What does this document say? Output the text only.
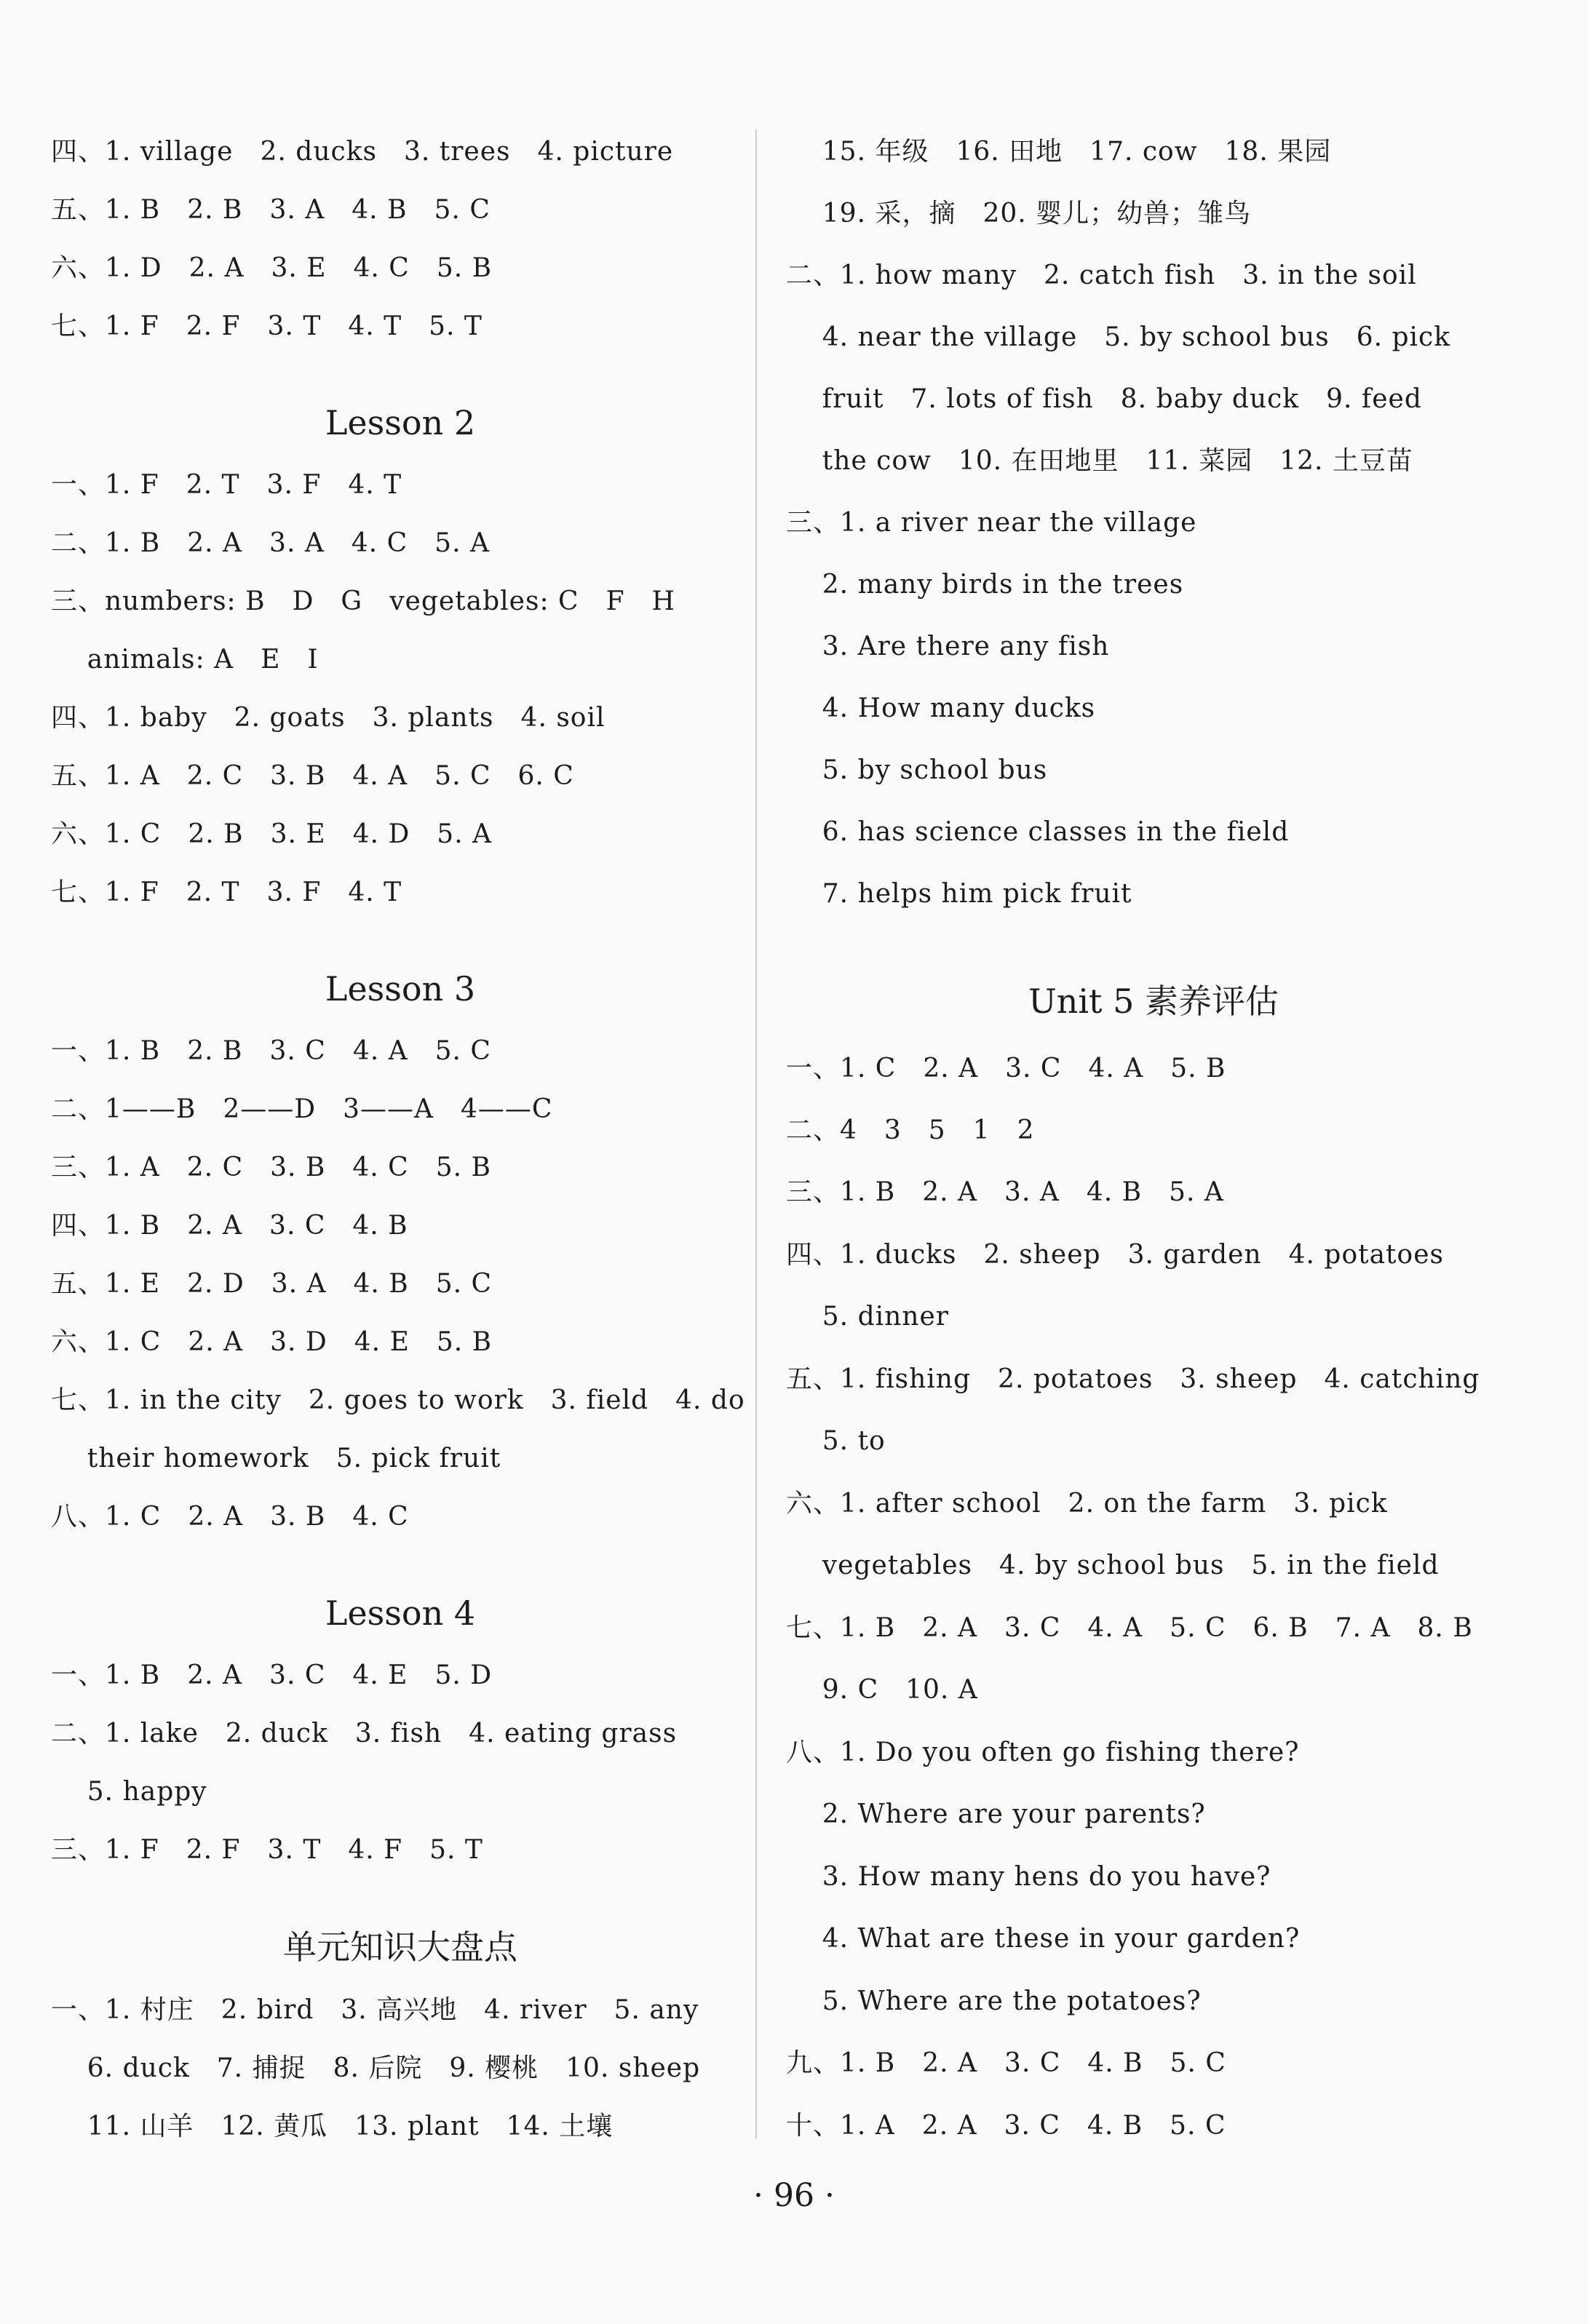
四、1. village　2. ducks　3. trees　4. picture
五、1. B　2. B　3. A　4. B　5. C
六、1. D　2. A　3. E　4. C　5. B
七、1. F　2. F　3. T　4. T　5. T
Lesson 2
一、1. F　2. T　3. F　4. T
二、1. B　2. A　3. A　4. C　5. A
三、numbers: B　D　G　vegetables: C　F　H
animals: A　E　I
四、1. baby　2. goats　3. plants　4. soil
五、1. A　2. C　3. B　4. A　5. C　6. C
六、1. C　2. B　3. E　4. D　5. A
七、1. F　2. T　3. F　4. T
Lesson 3
一、1. B　2. B　3. C　4. A　5. C
二、1——B　2——D　3——A　4——C
三、1. A　2. C　3. B　4. C　5. B
四、1. B　2. A　3. C　4. B
五、1. E　2. D　3. A　4. B　5. C
六、1. C　2. A　3. D　4. E　5. B
七、1. in the city　2. goes to work　3. field　4. do
their homework　5. pick fruit
八、1. C　2. A　3. B　4. C
Lesson 4
一、1. B　2. A　3. C　4. E　5. D
二、1. lake　2. duck　3. fish　4. eating grass
5. happy
三、1. F　2. F　3. T　4. F　5. T
单元知识大盘点
一、1. 村庄　2. bird　3. 高兴地　4. river　5. any
6. duck　7. 捕捉　8. 后院　9. 樱桃　10. sheep
11. 山羊　12. 黄瓜　13. plant　14. 土壤
15. 年级　16. 田地　17. cow　18. 果园
19. 采，摘　20. 婴儿；幼兽；雏鸟
二、1. how many　2. catch fish　3. in the soil
4. near the village　5. by school bus　6. pick
fruit　7. lots of fish　8. baby duck　9. feed
the cow　10. 在田地里　11. 菜园　12. 土豆苗
三、1. a river near the village
2. many birds in the trees
3. Are there any fish
4. How many ducks
5. by school bus
6. has science classes in the field
7. helps him pick fruit
Unit 5 素养评估
一、1. C　2. A　3. C　4. A　5. B
二、4　3　5　1　2
三、1. B　2. A　3. A　4. B　5. A
四、1. ducks　2. sheep　3. garden　4. potatoes
5. dinner
五、1. fishing　2. potatoes　3. sheep　4. catching
5. to
六、1. after school　2. on the farm　3. pick
vegetables　4. by school bus　5. in the field
七、1. B　2. A　3. C　4. A　5. C　6. B　7. A　8. B
9. C　10. A
八、1. Do you often go fishing there?
2. Where are your parents?
3. How many hens do you have?
4. What are these in your garden?
5. Where are the potatoes?
九、1. B　2. A　3. C　4. B　5. C
十、1. A　2. A　3. C　4. B　5. C
· 96 ·
